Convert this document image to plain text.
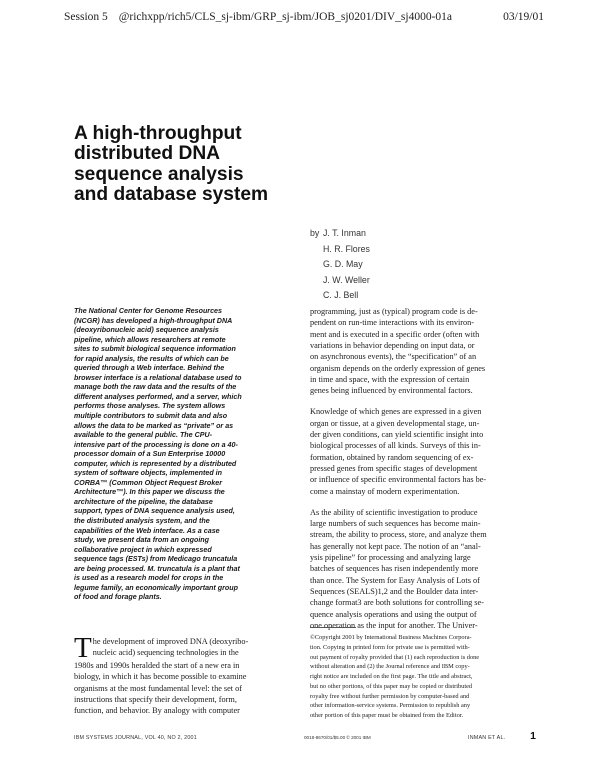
Session 5 @richxpp/rich5/CLS_sj-ibm/GRP_sj-ibm/JOB_sj0201/DIV_sj4000-01a	03/19/01
A high-throughput
distributed DNA
sequence analysis
and database system
by J. T. Inman
H. R. Flores
G. D. May
J. W. Weller
C. J. Bell
The National Center for Genome Resources
(NCGR) has developed a high-throughput DNA
(deoxyribonucleic acid) sequence analysis
pipeline, which allows researchers at remote
sites to submit biological sequence information
for rapid analysis, the results of which can be
queried through a Web interface. Behind the
browser interface is a relational database used to
manage both the raw data and the results of the
different analyses performed, and a server, which
performs those analyses. The system allows
multiple contributors to submit data and also
allows the data to be marked as “private” or as
available to the general public. The CPU-
intensive part of the processing is done on a 40-
processor domain of a Sun Enterprise 10000
computer, which is represented by a distributed
system of software objects, implemented in
CORBA™ (Common Object Request Broker
Architecture™). In this paper we discuss the
architecture of the pipeline, the database
support, types of DNA sequence analysis used,
the distributed analysis system, and the
capabilities of the Web interface. As a case
study, we present data from an ongoing
collaborative project in which expressed
sequence tags (ESTs) from Medicago truncatula
are being processed. M. truncatula is a plant that
is used as a research model for crops in the
legume family, an economically important group
of food and forage plants.
T he development of improved DNA (deoxyribo-
nucleic acid) sequencing technologies in the
1980s and 1990s heralded the start of a new era in
biology, in which it has become possible to examine
organisms at the most fundamental level: the set of
instructions that specify their development, form,
function, and behavior. By analogy with computer

programming, just as (typical) program code is de-
pendent on run-time interactions with its environ-
ment and is executed in a specific order (often with
variations in behavior depending on input data, or
on asynchronous events), the “specification” of an
organism depends on the orderly expression of genes
in time and space, with the expression of certain
genes being influenced by environmental factors.

Knowledge of which genes are expressed in a given
organ or tissue, at a given developmental stage, un-
der given conditions, can yield scientific insight into
biological processes of all kinds. Surveys of this in-
formation, obtained by random sequencing of ex-
pressed genes from specific stages of development
or influence of specific environmental factors has be-
come a mainstay of modern experimentation.

As the ability of scientific investigation to produce
large numbers of such sequences has become main-
stream, the ability to process, store, and analyze them
has generally not kept pace. The notion of an “anal-
ysis pipeline” for processing and analyzing large
batches of sequences has risen independently more
than once. The System for Easy Analysis of Lots of
Sequences (SEALS)1,2 and the Boulder data inter-
change format3 are both solutions for controlling se-
quence analysis operations and using the output of
one operation as the input for another. The Univer-

©Copyright 2001 by International Business Machines Corpora-
tion. Copying in printed form for private use is permitted with-
out payment of royalty provided that (1) each reproduction is done
without alteration and (2) the Journal reference and IBM copy-
right notice are included on the first page. The title and abstract,
but no other portions, of this paper may be copied or distributed
royalty free without further permission by computer-based and
other information-service systems. Permission to republish any
other portion of this paper must be obtained from the Editor.
IBM SYSTEMS JOURNAL, VOL 40, NO 2, 2001	0018-8670/01/$5.00 © 2001 IBM	INMAN ET AL. 1
